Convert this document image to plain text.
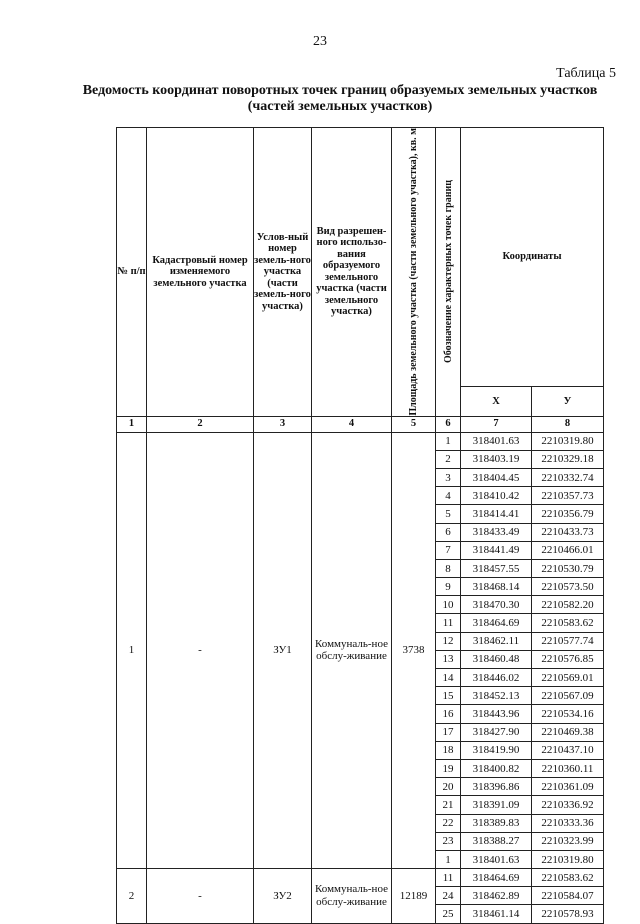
23
Таблица 5
Ведомость координат поворотных точек границ образуемых земельных участков (частей земельных участков)
№ п/п	Кадастровый номер изменяемого земельного участка	Услов-ный номер земель-ного участка (части земель-ного участка)	Вид разрешен-ного использо-вания образуемого земельного участка (части земельного участка)	Площадь земельного участка (части земельного участка), кв. м	Обозначение характерных точек границ	Координаты	
						Х	У
1	2	3	4	5	6	7	8
1	-	ЗУ1	Коммуналь-ное обслу-живание	3738	1	318401.63	2210319.80
					2	318403.19	2210329.18
					3	318404.45	2210332.74
					4	318410.42	2210357.73
					5	318414.41	2210356.79
					6	318433.49	2210433.73
					7	318441.49	2210466.01
					8	318457.55	2210530.79
					9	318468.14	2210573.50
					10	318470.30	2210582.20
					11	318464.69	2210583.62
					12	318462.11	2210577.74
					13	318460.48	2210576.85
					14	318446.02	2210569.01
					15	318452.13	2210567.09
					16	318443.96	2210534.16
					17	318427.90	2210469.38
					18	318419.90	2210437.10
					19	318400.82	2210360.11
					20	318396.86	2210361.09
					21	318391.09	2210336.92
					22	318389.83	2210333.36
					23	318388.27	2210323.99
					1	318401.63	2210319.80
2	-	ЗУ2	Коммуналь-ное обслу-живание	12189	11	318464.69	2210583.62
					24	318462.89	2210584.07
					25	318461.14	2210578.93
